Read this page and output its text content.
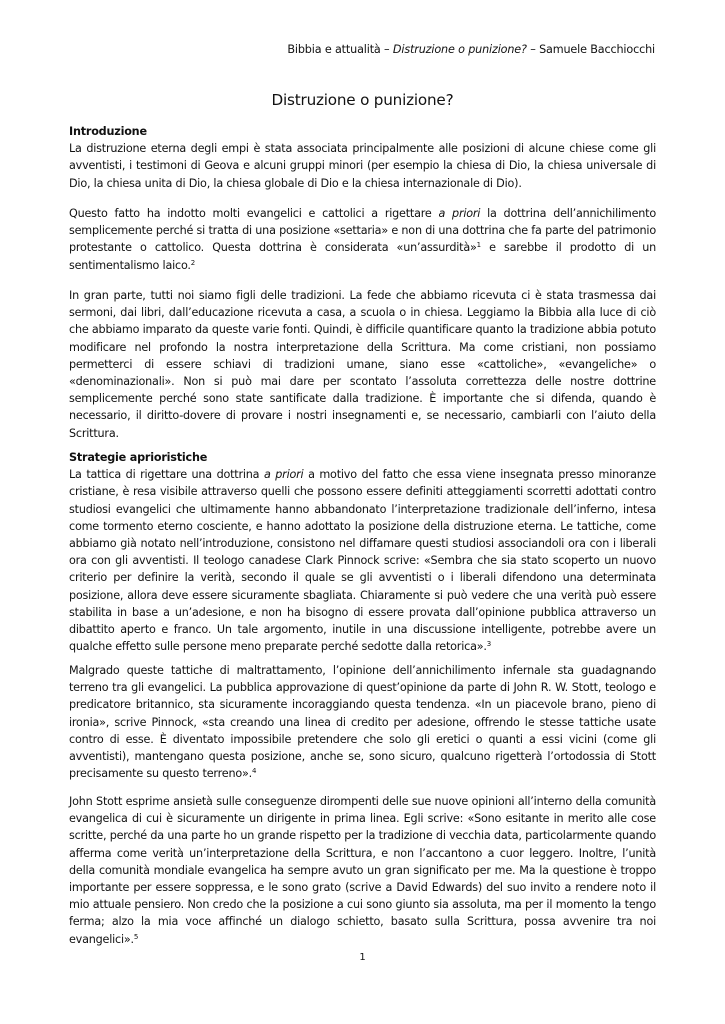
Bibbia e attualità – Distruzione o punizione? – Samuele Bacchiocchi
Distruzione o punizione?
Introduzione

La distruzione eterna degli empi è stata associata principalmente alle posizioni di alcune chiese come gli avventisti, i testimoni di Geova e alcuni gruppi minori (per esempio la chiesa di Dio, la chiesa universale di Dio, la chiesa unita di Dio, la chiesa globale di Dio e la chiesa internazionale di Dio).

Questo fatto ha indotto molti evangelici e cattolici a rigettare a priori la dottrina dell’annichilimento semplicemente perché si tratta di una posizione «settaria» e non di una dottrina che fa parte del patrimonio protestante o cattolico. Questa dottrina è considerata «un’assurdità»$^1$ e sarebbe il prodotto di un sentimentalismo laico.$^2$

In gran parte, tutti noi siamo figli delle tradizioni. La fede che abbiamo ricevuta ci è stata trasmessa dai sermoni, dai libri, dall’educazione ricevuta a casa, a scuola o in chiesa. Leggiamo la Bibbia alla luce di ciò che abbiamo imparato da queste varie fonti. Quindi, è difficile quantificare quanto la tradizione abbia potuto modificare nel profondo la nostra interpretazione della Scrittura. Ma come cristiani, non possiamo permetterci di essere schiavi di tradizioni umane, siano esse «cattoliche», «evangeliche» o «denominazionali». Non si può mai dare per scontato l’assoluta correttezza delle nostre dottrine semplicemente perché sono state santificate dalla tradizione. È importante che si difenda, quando è necessario, il diritto-dovere di provare i nostri insegnamenti e, se necessario, cambiarli con l’aiuto della Scrittura.

Strategie aprioristiche

La tattica di rigettare una dottrina a priori a motivo del fatto che essa viene insegnata presso minoranze cristiane, è resa visibile attraverso quelli che possono essere definiti atteggiamenti scorretti adottati contro studiosi evangelici che ultimamente hanno abbandonato l’interpretazione tradizionale dell’inferno, intesa come tormento eterno cosciente, e hanno adottato la posizione della distruzione eterna. Le tattiche, come abbiamo già notato nell’introduzione, consistono nel diffamare questi studiosi associandoli ora con i liberali ora con gli avventisti. Il teologo canadese Clark Pinnock scrive: «Sembra che sia stato scoperto un nuovo criterio per definire la verità, secondo il quale se gli avventisti o i liberali difendono una determinata posizione, allora deve essere sicuramente sbagliata. Chiaramente si può vedere che una verità può essere stabilita in base a un’adesione, e non ha bisogno di essere provata dall’opinione pubblica attraverso un dibattito aperto e franco. Un tale argomento, inutile in una discussione intelligente, potrebbe avere un qualche effetto sulle persone meno preparate perché sedotte dalla retorica».$^3$

Malgrado queste tattiche di maltrattamento, l’opinione dell’annichilimento infernale sta guadagnando terreno tra gli evangelici. La pubblica approvazione di quest’opinione da parte di John R. W. Stott, teologo e predicatore britannico, sta sicuramente incoraggiando questa tendenza. «In un piacevole brano, pieno di ironia», scrive Pinnock, «sta creando una linea di credito per adesione, offrendo le stesse tattiche usate contro di esse. È diventato impossibile pretendere che solo gli eretici o quanti a essi vicini (come gli avventisti), mantengano questa posizione, anche se, sono sicuro, qualcuno rigetterà l’ortodossia di Stott precisamente su questo terreno».$^4$

John Stott esprime ansietà sulle conseguenze dirompenti delle sue nuove opinioni all’interno della comunità evangelica di cui è sicuramente un dirigente in prima linea. Egli scrive: «Sono esitante in merito alle cose scritte, perché da una parte ho un grande rispetto per la tradizione di vecchia data, particolarmente quando afferma come verità un’interpretazione della Scrittura, e non l’accantono a cuor leggero. Inoltre, l’unità della comunità mondiale evangelica ha sempre avuto un gran significato per me. Ma la questione è troppo importante per essere soppressa, e le sono grato (scrive a David Edwards) del suo invito a rendere noto il mio attuale pensiero. Non credo che la posizione a cui sono giunto sia assoluta, ma per il momento la tengo ferma; alzo la mia voce affinché un dialogo schietto, basato sulla Scrittura, possa avvenire tra noi evangelici».$^5$

1
